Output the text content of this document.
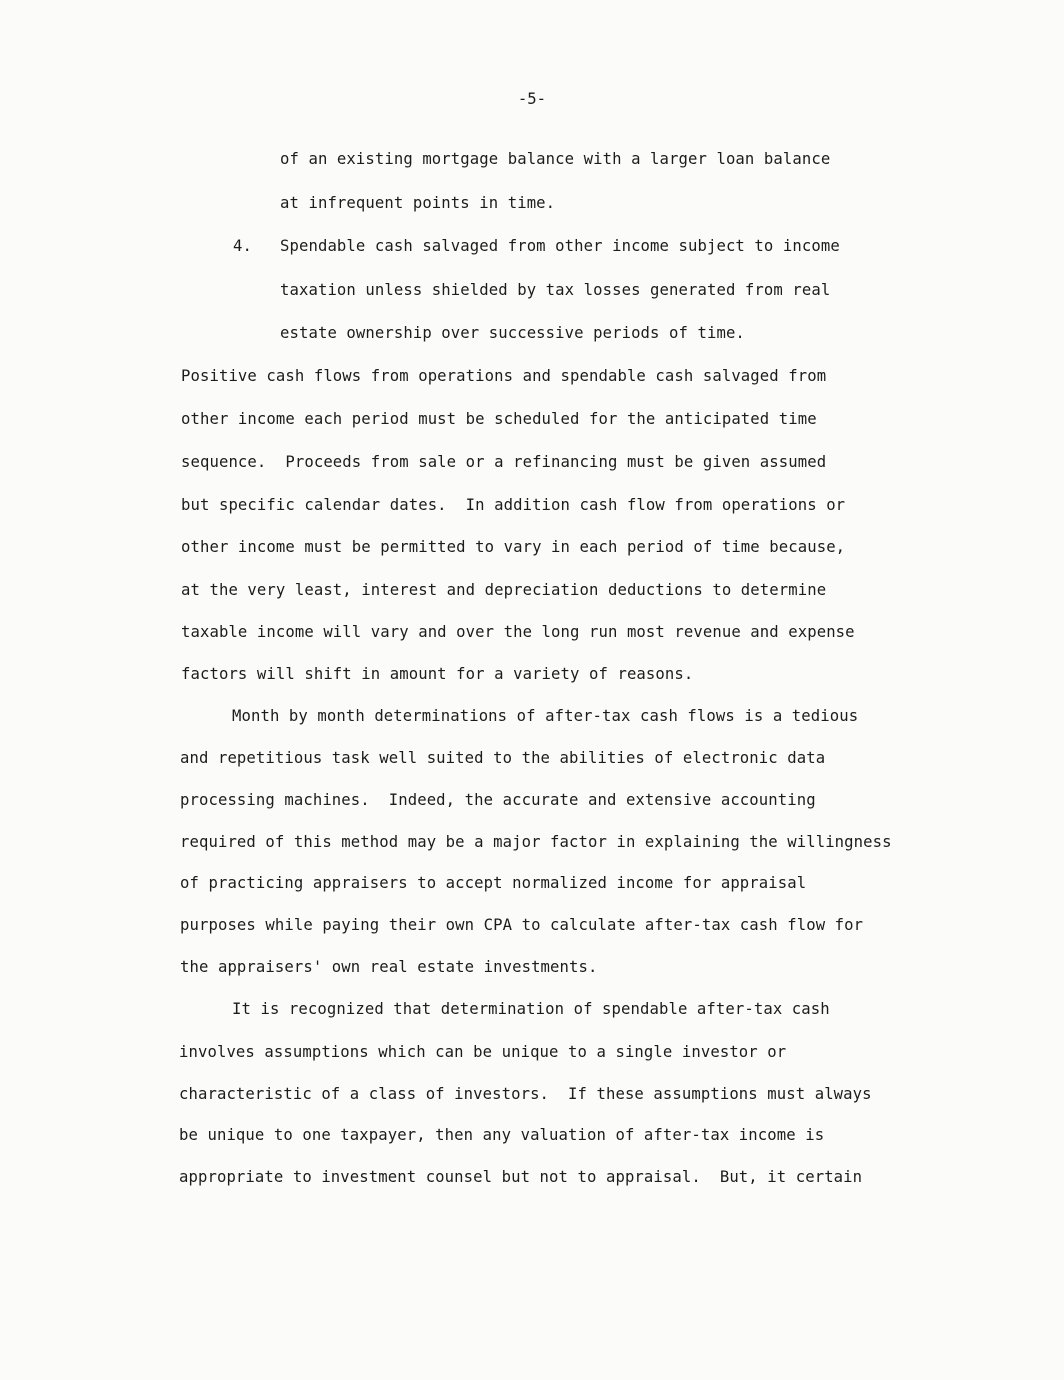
-5-
of an existing mortgage balance with a larger loan balance
at infrequent points in time.
4. Spendable cash salvaged from other income subject to income
taxation unless shielded by tax losses generated from real
estate ownership over successive periods of time.
Positive cash flows from operations and spendable cash salvaged from
other income each period must be scheduled for the anticipated time
sequence.  Proceeds from sale or a refinancing must be given assumed
but specific calendar dates.  In addition cash flow from operations or
other income must be permitted to vary in each period of time because,
at the very least, interest and depreciation deductions to determine
taxable income will vary and over the long run most revenue and expense
factors will shift in amount for a variety of reasons.
Month by month determinations of after-tax cash flows is a tedious
and repetitious task well suited to the abilities of electronic data
processing machines.  Indeed, the accurate and extensive accounting
required of this method may be a major factor in explaining the willingness
of practicing appraisers to accept normalized income for appraisal
purposes while paying their own CPA to calculate after-tax cash flow for
the appraisers' own real estate investments.
It is recognized that determination of spendable after-tax cash
involves assumptions which can be unique to a single investor or
characteristic of a class of investors.  If these assumptions must always
be unique to one taxpayer, then any valuation of after-tax income is
appropriate to investment counsel but not to appraisal.  But, it certain
